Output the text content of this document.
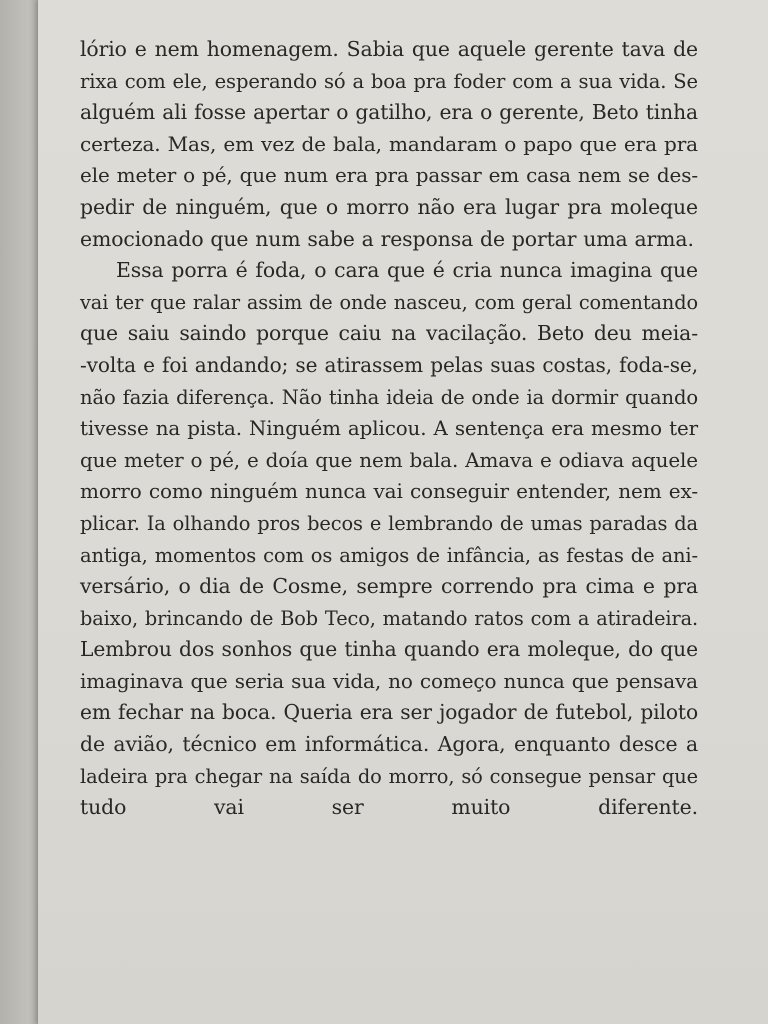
lório e nem homenagem. Sabia que aquele gerente tava de
rixa com ele, esperando só a boa pra foder com a sua vida. Se
alguém ali fosse apertar o gatilho, era o gerente, Beto tinha
certeza. Mas, em vez de bala, mandaram o papo que era pra
ele meter o pé, que num era pra passar em casa nem se des-
pedir de ninguém, que o morro não era lugar pra moleque
emocionado que num sabe a responsa de portar uma arma.
Essa porra é foda, o cara que é cria nunca imagina que
vai ter que ralar assim de onde nasceu, com geral comentando
que saiu saindo porque caiu na vacilação. Beto deu meia-
-volta e foi andando; se atirassem pelas suas costas, foda-se,
não fazia diferença. Não tinha ideia de onde ia dormir quando
tivesse na pista. Ninguém aplicou. A sentença era mesmo ter
que meter o pé, e doía que nem bala. Amava e odiava aquele
morro como ninguém nunca vai conseguir entender, nem ex-
plicar. Ia olhando pros becos e lembrando de umas paradas da
antiga, momentos com os amigos de infância, as festas de ani-
versário, o dia de Cosme, sempre correndo pra cima e pra
baixo, brincando de Bob Teco, matando ratos com a atiradeira.
Lembrou dos sonhos que tinha quando era moleque, do que
imaginava que seria sua vida, no começo nunca que pensava
em fechar na boca. Queria era ser jogador de futebol, piloto
de avião, técnico em informática. Agora, enquanto desce a
ladeira pra chegar na saída do morro, só consegue pensar que
tudo vai ser muito diferente.
